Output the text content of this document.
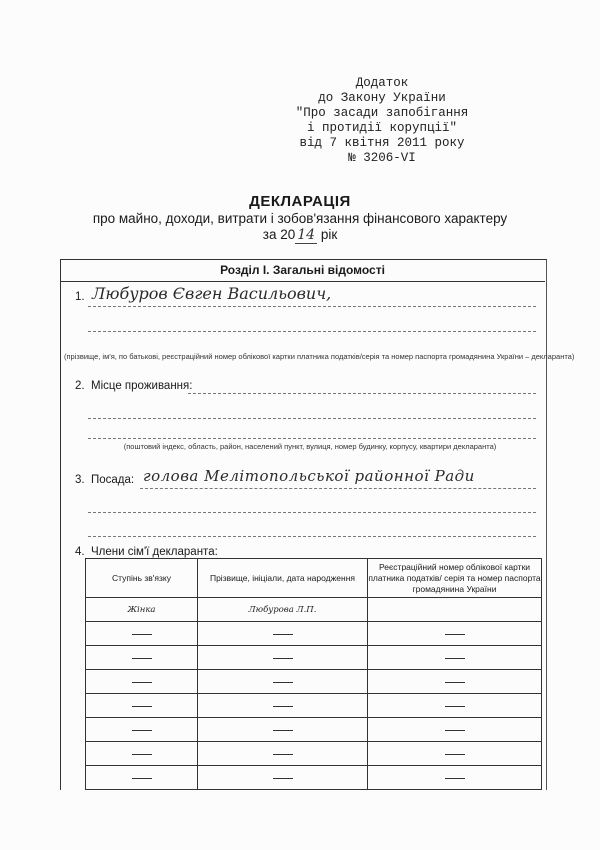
Додаток
до Закону України
"Про засади запобігання
і протидії корупції"
від 7 квітня 2011 року
№ 3206-VI
ДЕКЛАРАЦІЯ
про майно, доходи, витрати і зобов'язання фінансового характеру
за 20 14 рік
Розділ I. Загальні відомості
1. Любуров Євген Васильович,
(прізвище, ім'я, по батькові, реєстраційний номер облікової картки платника податків/серія та номер паспорта громадянина України – декларанта)
2. Місце проживання:
(поштовий індекс, область, район, населений пункт, вулиця, номер будинку, корпусу, квартири декларанта)
3. Посада: голова Мелітопольської районної Ради
4. Члени сім'ї декларанта:
Ступінь зв'язку	Прізвище, ініціали, дата народження	Реєстраційний номер облікової картки платника податків/ серія та номер паспорта громадянина України
Жінка	Любурова Л.П.	
